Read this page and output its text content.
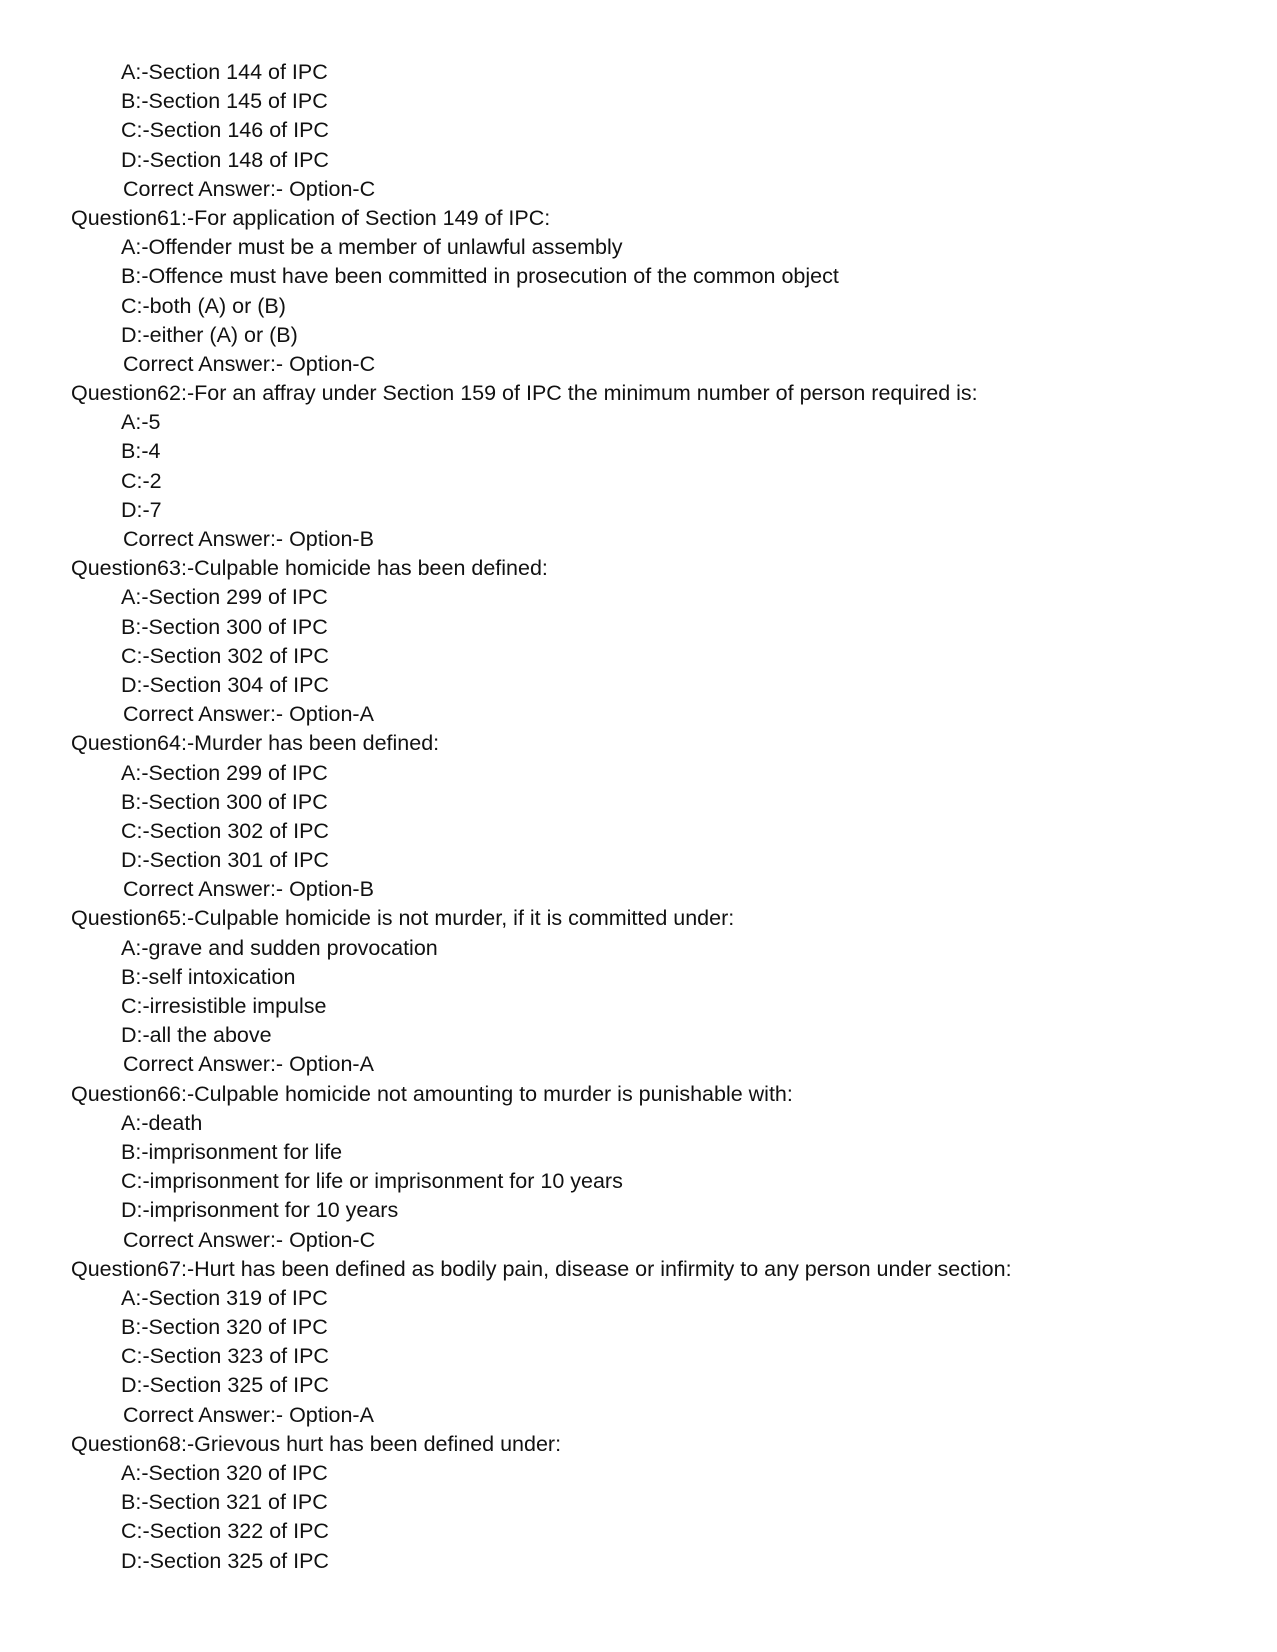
A:-Section 144 of IPC
B:-Section 145 of IPC
C:-Section 146 of IPC
D:-Section 148 of IPC
Correct Answer:- Option-C
Question61:-For application of Section 149 of IPC:
A:-Offender must be a member of unlawful assembly
B:-Offence must have been committed in prosecution of the common object
C:-both (A) or (B)
D:-either (A) or (B)
Correct Answer:- Option-C
Question62:-For an affray under Section 159 of IPC the minimum number of person required is:
A:-5
B:-4
C:-2
D:-7
Correct Answer:- Option-B
Question63:-Culpable homicide has been defined:
A:-Section 299 of IPC
B:-Section 300 of IPC
C:-Section 302 of IPC
D:-Section 304 of IPC
Correct Answer:- Option-A
Question64:-Murder has been defined:
A:-Section 299 of IPC
B:-Section 300 of IPC
C:-Section 302 of IPC
D:-Section 301 of IPC
Correct Answer:- Option-B
Question65:-Culpable homicide is not murder, if it is committed under:
A:-grave and sudden provocation
B:-self intoxication
C:-irresistible impulse
D:-all the above
Correct Answer:- Option-A
Question66:-Culpable homicide not amounting to murder is punishable with:
A:-death
B:-imprisonment for life
C:-imprisonment for life or imprisonment for 10 years
D:-imprisonment for 10 years
Correct Answer:- Option-C
Question67:-Hurt has been defined as bodily pain, disease or infirmity to any person under section:
A:-Section 319 of IPC
B:-Section 320 of IPC
C:-Section 323 of IPC
D:-Section 325 of IPC
Correct Answer:- Option-A
Question68:-Grievous hurt has been defined under:
A:-Section 320 of IPC
B:-Section 321 of IPC
C:-Section 322 of IPC
D:-Section 325 of IPC
